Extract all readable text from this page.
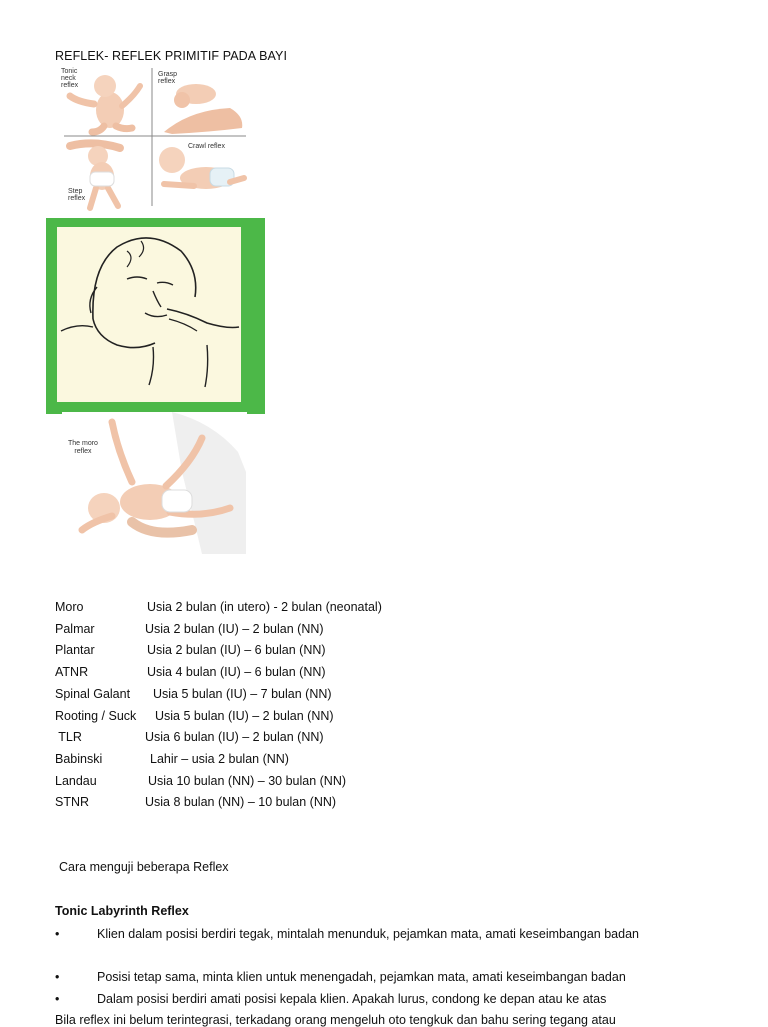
REFLEK- REFLEK PRIMITIF PADA BAYI
Tonic
neck
reflex
Grasp
reflex
Crawl reflex
Step
reflex
The moro
reflex
Moro	Usia 2 bulan (in utero) - 2 bulan (neonatal)
Palmar	Usia 2 bulan (IU) – 2 bulan (NN)
Plantar	Usia 2 bulan (IU) – 6 bulan (NN)
ATNR	Usia 4 bulan (IU) – 6 bulan (NN)
Spinal Galant Usia 5 bulan (IU) – 7 bulan (NN)
Rooting / Suck Usia 5 bulan (IU) – 2 bulan (NN)
TLR	Usia 6 bulan (IU) – 2 bulan (NN)
Babinski	Lahir – usia 2 bulan (NN)
Landau	Usia 10 bulan (NN) – 30 bulan (NN)
STNR	Usia 8 bulan (NN) – 10 bulan (NN)
Cara menguji beberapa Reflex
Tonic Labyrinth Reflex
•	Klien dalam posisi berdiri tegak, mintalah menunduk, pejamkan mata, amati keseimbangan badan
•	Posisi tetap sama, minta klien untuk menengadah, pejamkan mata, amati keseimbangan badan
•	Dalam posisi berdiri amati posisi kepala klien. Apakah lurus, condong ke depan atau ke atas
Bila reflex ini belum terintegrasi, terkadang orang mengeluh oto tengkuk dan bahu sering tegang atau
